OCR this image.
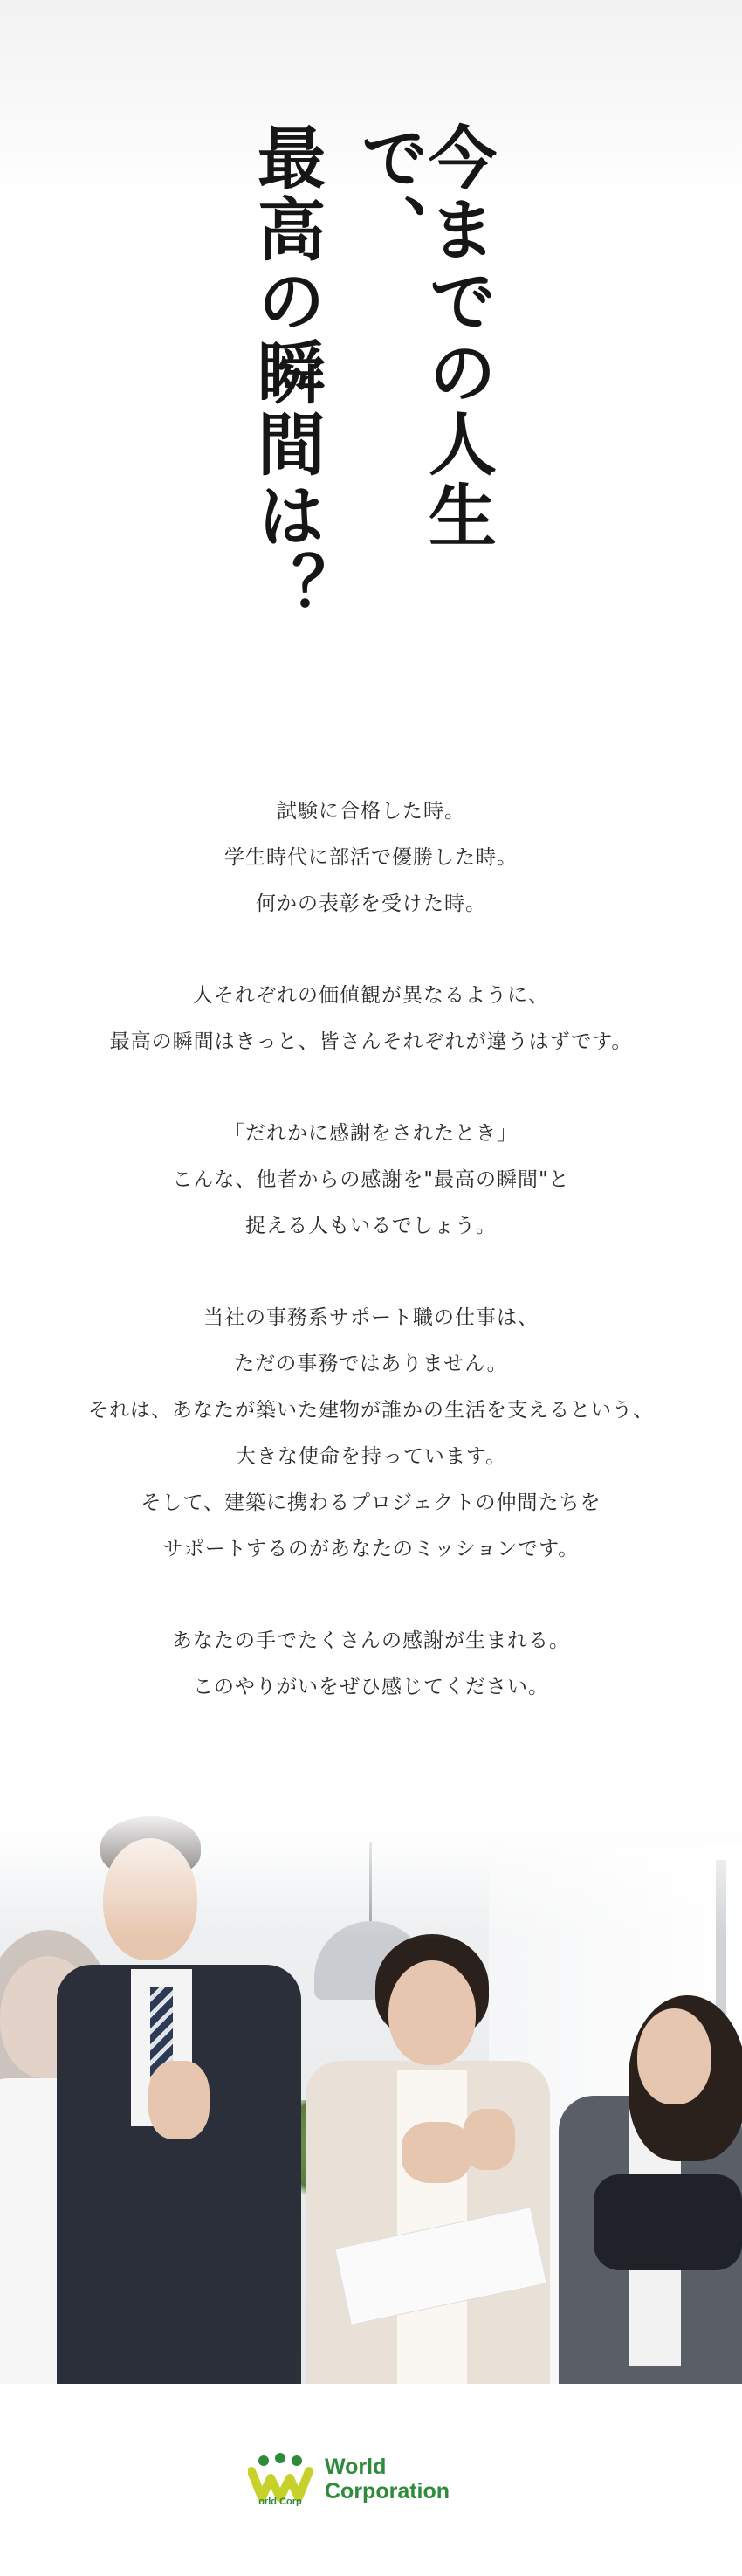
今までの人生で、
最高の瞬間は？
試験に合格した時。
学生時代に部活で優勝した時。
何かの表彰を受けた時。
人それぞれの価値観が異なるように、
最高の瞬間はきっと、皆さんそれぞれが違うはずです。
「だれかに感謝をされたとき」
こんな、他者からの感謝を"最高の瞬間"と
捉える人もいるでしょう。
当社の事務系サポート職の仕事は、
ただの事務ではありません。
それは、あなたが築いた建物が誰かの生活を支えるという、
大きな使命を持っています。
そして、建築に携わるプロジェクトの仲間たちを
サポートするのがあなたのミッションです。
あなたの手でたくさんの感謝が生まれる。
このやりがいをぜひ感じてください。
orld Corp
World
Corporation
